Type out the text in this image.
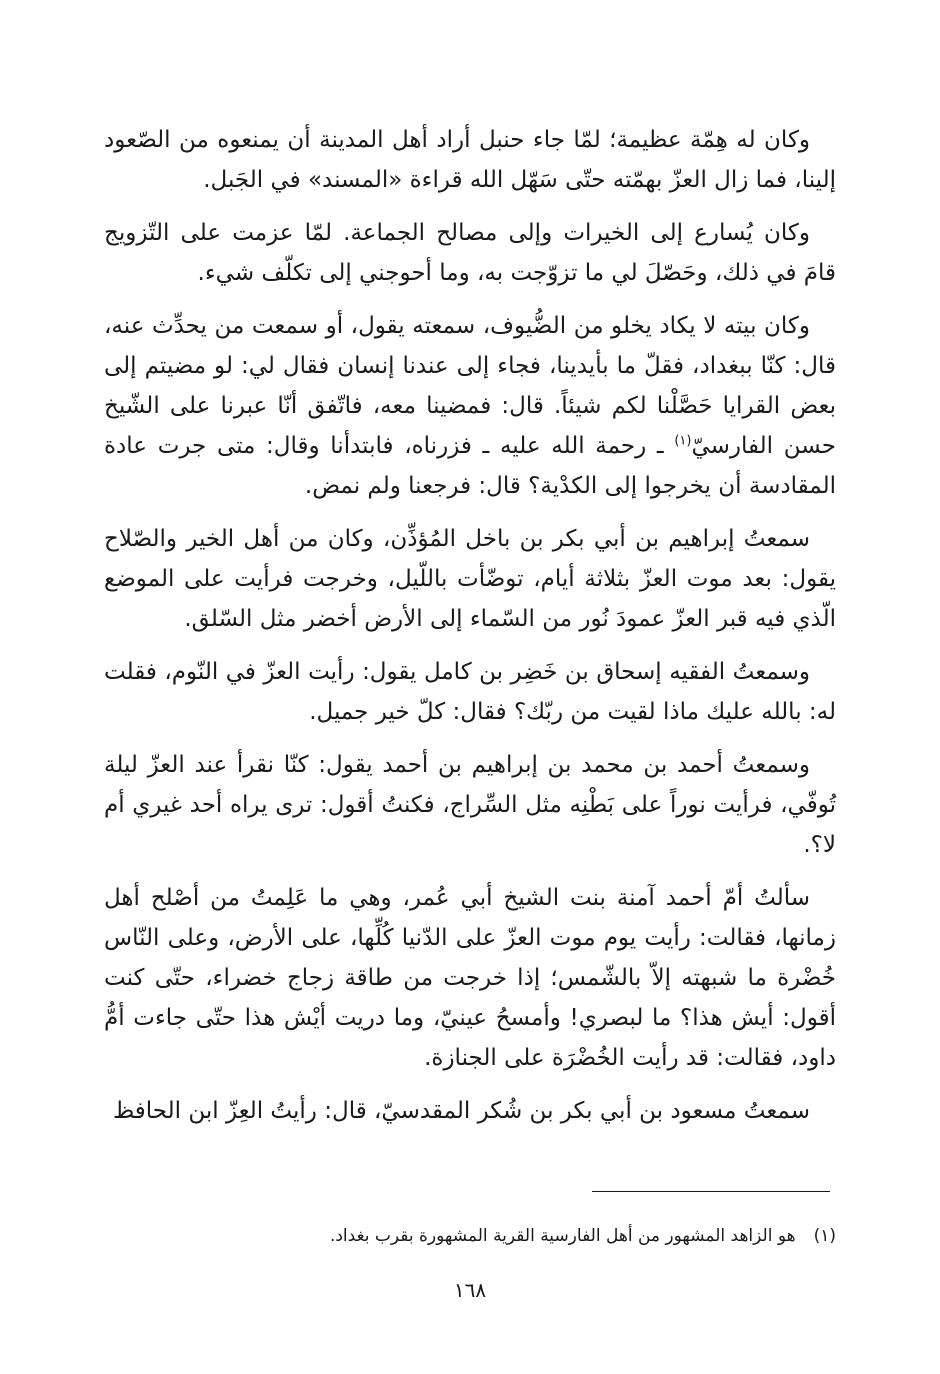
وكان له هِمّة عظيمة؛ لمّا جاء حنبل أراد أهل المدينة أن يمنعوه من الصّعود إلينا، فما زال العزّ بهمّته حتّى سَهّل الله قراءة «المسند» في الجَبل.

وكان يُسارع إلى الخيرات وإلى مصالح الجماعة. لمّا عزمت على التّزويج قامَ في ذلك، وحَصّلَ لي ما تزوّجت به، وما أحوجني إلى تكلّف شيء.

وكان بيته لا يكاد يخلو من الضُّيوف، سمعته يقول، أو سمعت من يحدِّث عنه، قال: كنّا ببغداد، فقلّ ما بأيدينا، فجاء إلى عندنا إنسان فقال لي: لو مضيتم إلى بعض القرايا حَصَّلْنا لكم شيئاً. قال: فمضينا معه، فاتّفق أنّا عبرنا على الشّيخ حسن الفارسيّ$^{(١)}$ ـ رحمة الله عليه ـ فزرناه، فابتدأنا وقال: متى جرت عادة المقادسة أن يخرجوا إلى الكدْية؟ قال: فرجعنا ولم نمض.

سمعتُ إبراهيم بن أبي بكر بن باخل المُؤذِّن، وكان من أهل الخير والصّلاح يقول: بعد موت العزّ بثلاثة أيام، توضّأت باللّيل، وخرجت فرأيت على الموضع الّذي فيه قبر العزّ عمودَ نُور من السّماء إلى الأرض أخضر مثل السّلق.

وسمعتُ الفقيه إسحاق بن خَضِر بن كامل يقول: رأيت العزّ في النّوم، فقلت له: بالله عليك ماذا لقيت من ربّك؟ فقال: كلّ خير جميل.

وسمعتُ أحمد بن محمد بن إبراهيم بن أحمد يقول: كنّا نقرأ عند العزّ ليلة تُوفّي، فرأيت نوراً على بَطْنِه مثل السِّراج، فكنتُ أقول: ترى يراه أحد غيري أم لا؟.

سألتُ أمّ أحمد آمنة بنت الشيخ أبي عُمر، وهي ما عَلِمتُ من أصْلح أهل زمانها، فقالت: رأيت يوم موت العزّ على الدّنيا كُلِّها، على الأرض، وعلى النّاس خُضْرة ما شبهته إلاّ بالشّمس؛ إذا خرجت من طاقة زجاج خضراء، حتّى كنت أقول: أيش هذا؟ ما لبصري! وأمسحُ عينيّ، وما دريت أيْش هذا حتّى جاءت أمُّ داود، فقالت: قد رأيت الخُضْرَة على الجنازة.

سمعتُ مسعود بن أبي بكر بن شُكر المقدسيّ، قال: رأيتُ العِزّ ابن الحافظ

(١)هو الزاهد المشهور من أهل الفارسية القرية المشهورة بقرب بغداد.
١٦٨
